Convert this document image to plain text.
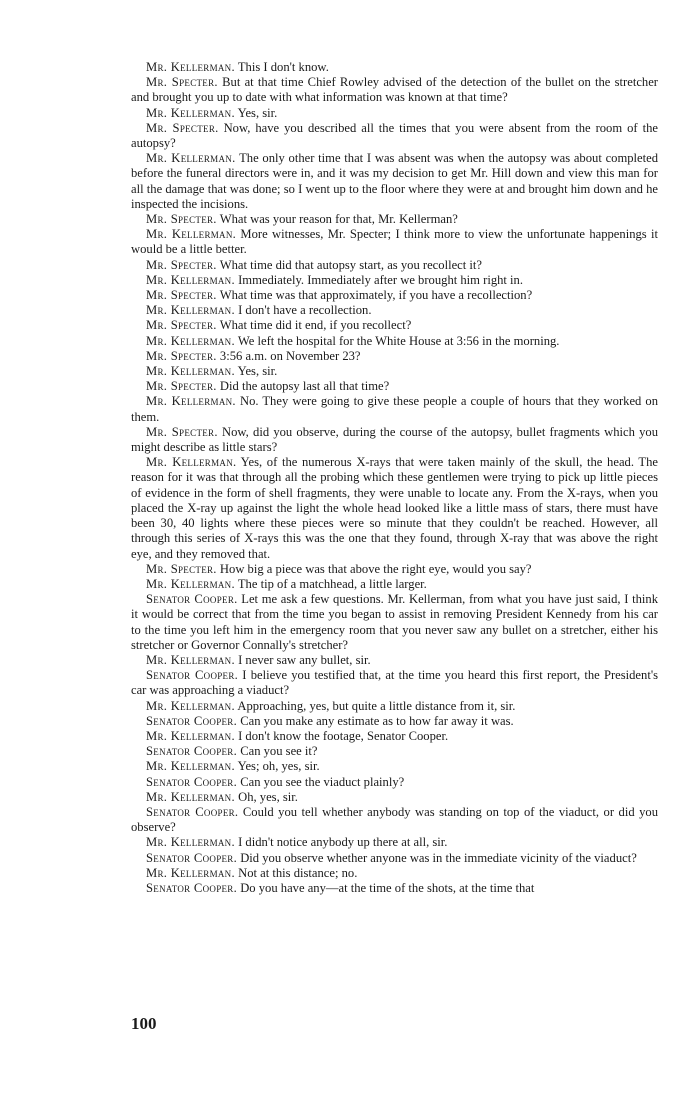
Mr. Kellerman. This I don't know.

Mr. Specter. But at that time Chief Rowley advised of the detection of the bullet on the stretcher and brought you up to date with what information was known at that time?

Mr. Kellerman. Yes, sir.

Mr. Specter. Now, have you described all the times that you were absent from the room of the autopsy?

Mr. Kellerman. The only other time that I was absent was when the autopsy was about completed before the funeral directors were in, and it was my decision to get Mr. Hill down and view this man for all the damage that was done; so I went up to the floor where they were at and brought him down and he inspected the incisions.

Mr. Specter. What was your reason for that, Mr. Kellerman?

Mr. Kellerman. More witnesses, Mr. Specter; I think more to view the unfortunate happenings it would be a little better.

Mr. Specter. What time did that autopsy start, as you recollect it?

Mr. Kellerman. Immediately. Immediately after we brought him right in.

Mr. Specter. What time was that approximately, if you have a recollection?

Mr. Kellerman. I don't have a recollection.

Mr. Specter. What time did it end, if you recollect?

Mr. Kellerman. We left the hospital for the White House at 3:56 in the morning.

Mr. Specter. 3:56 a.m. on November 23?

Mr. Kellerman. Yes, sir.

Mr. Specter. Did the autopsy last all that time?

Mr. Kellerman. No. They were going to give these people a couple of hours that they worked on them.

Mr. Specter. Now, did you observe, during the course of the autopsy, bullet fragments which you might describe as little stars?

Mr. Kellerman. Yes, of the numerous X-rays that were taken mainly of the skull, the head. The reason for it was that through all the probing which these gentlemen were trying to pick up little pieces of evidence in the form of shell fragments, they were unable to locate any. From the X-rays, when you placed the X-ray up against the light the whole head looked like a little mass of stars, there must have been 30, 40 lights where these pieces were so minute that they couldn't be reached. However, all through this series of X-rays this was the one that they found, through X-ray that was above the right eye, and they removed that.

Mr. Specter. How big a piece was that above the right eye, would you say?

Mr. Kellerman. The tip of a matchhead, a little larger.

Senator Cooper. Let me ask a few questions. Mr. Kellerman, from what you have just said, I think it would be correct that from the time you began to assist in removing President Kennedy from his car to the time you left him in the emergency room that you never saw any bullet on a stretcher, either his stretcher or Governor Connally's stretcher?

Mr. Kellerman. I never saw any bullet, sir.

Senator Cooper. I believe you testified that, at the time you heard this first report, the President's car was approaching a viaduct?

Mr. Kellerman. Approaching, yes, but quite a little distance from it, sir.

Senator Cooper. Can you make any estimate as to how far away it was.

Mr. Kellerman. I don't know the footage, Senator Cooper.

Senator Cooper. Can you see it?

Mr. Kellerman. Yes; oh, yes, sir.

Senator Cooper. Can you see the viaduct plainly?

Mr. Kellerman. Oh, yes, sir.

Senator Cooper. Could you tell whether anybody was standing on top of the viaduct, or did you observe?

Mr. Kellerman. I didn't notice anybody up there at all, sir.

Senator Cooper. Did you observe whether anyone was in the immediate vicinity of the viaduct?

Mr. Kellerman. Not at this distance; no.

Senator Cooper. Do you have any—at the time of the shots, at the time that

100
